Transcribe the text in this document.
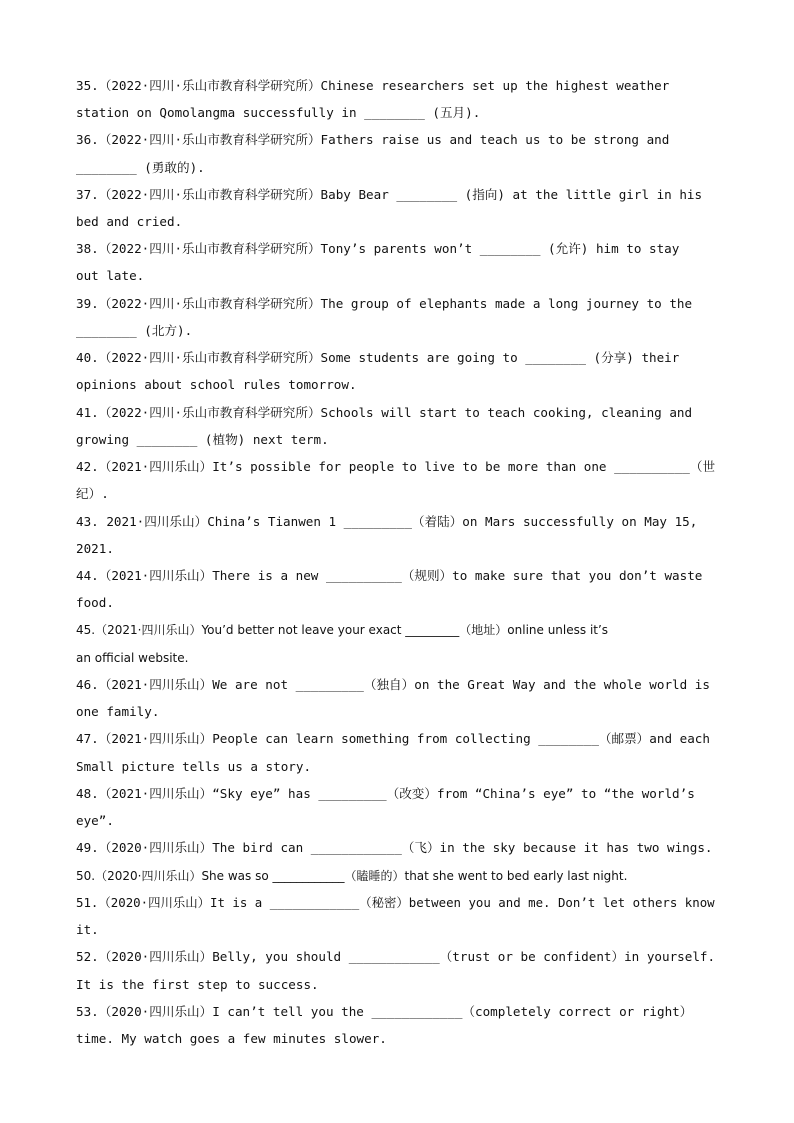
35.（2022·四川·乐山市教育科学研究所）Chinese researchers set up the highest weather
station on Qomolangma successfully in ________ (五月).
36.（2022·四川·乐山市教育科学研究所）Fathers raise us and teach us to be strong and
________ (勇敢的).
37.（2022·四川·乐山市教育科学研究所）Baby Bear ________ (指向) at the little girl in his
bed and cried.
38.（2022·四川·乐山市教育科学研究所）Tony’s parents won’t ________ (允许) him to stay
out late.
39.（2022·四川·乐山市教育科学研究所）The group of elephants made a long journey to the
________ (北方).
40.（2022·四川·乐山市教育科学研究所）Some students are going to ________ (分享) their
opinions about school rules tomorrow.
41.（2022·四川·乐山市教育科学研究所）Schools will start to teach cooking, cleaning and
growing ________ (植物) next term.
42.（2021·四川乐山）It’s possible for people to live to be more than one __________（世
纪）.
43. 2021·四川乐山）China’s Tianwen 1 _________（着陆）on Mars successfully on May 15,
2021.
44.（2021·四川乐山）There is a new __________（规则）to make sure that you don’t waste
food.
45.（2021·四川乐山）You’d better not leave your exact _________（地址）online unless it’s
an official website.
46.（2021·四川乐山）We are not _________（独自）on the Great Way and the whole world is
one family.
47.（2021·四川乐山）People can learn something from collecting ________（邮票）and each
Small picture tells us a story.
48.（2021·四川乐山）“Sky eye” has _________（改变）from “China’s eye” to “the world’s
eye”.
49.（2020·四川乐山）The bird can ____________（飞）in the sky because it has two wings.
50.（2020·四川乐山）She was so ____________（瞌睡的）that she went to bed early last night.
51.（2020·四川乐山）It is a ____________（秘密）between you and me. Don’t let others know
it.
52.（2020·四川乐山）Belly, you should ____________（trust or be confident）in yourself.
It is the first step to success.
53.（2020·四川乐山）I can’t tell you the ____________（completely correct or right）
time. My watch goes a few minutes slower.
